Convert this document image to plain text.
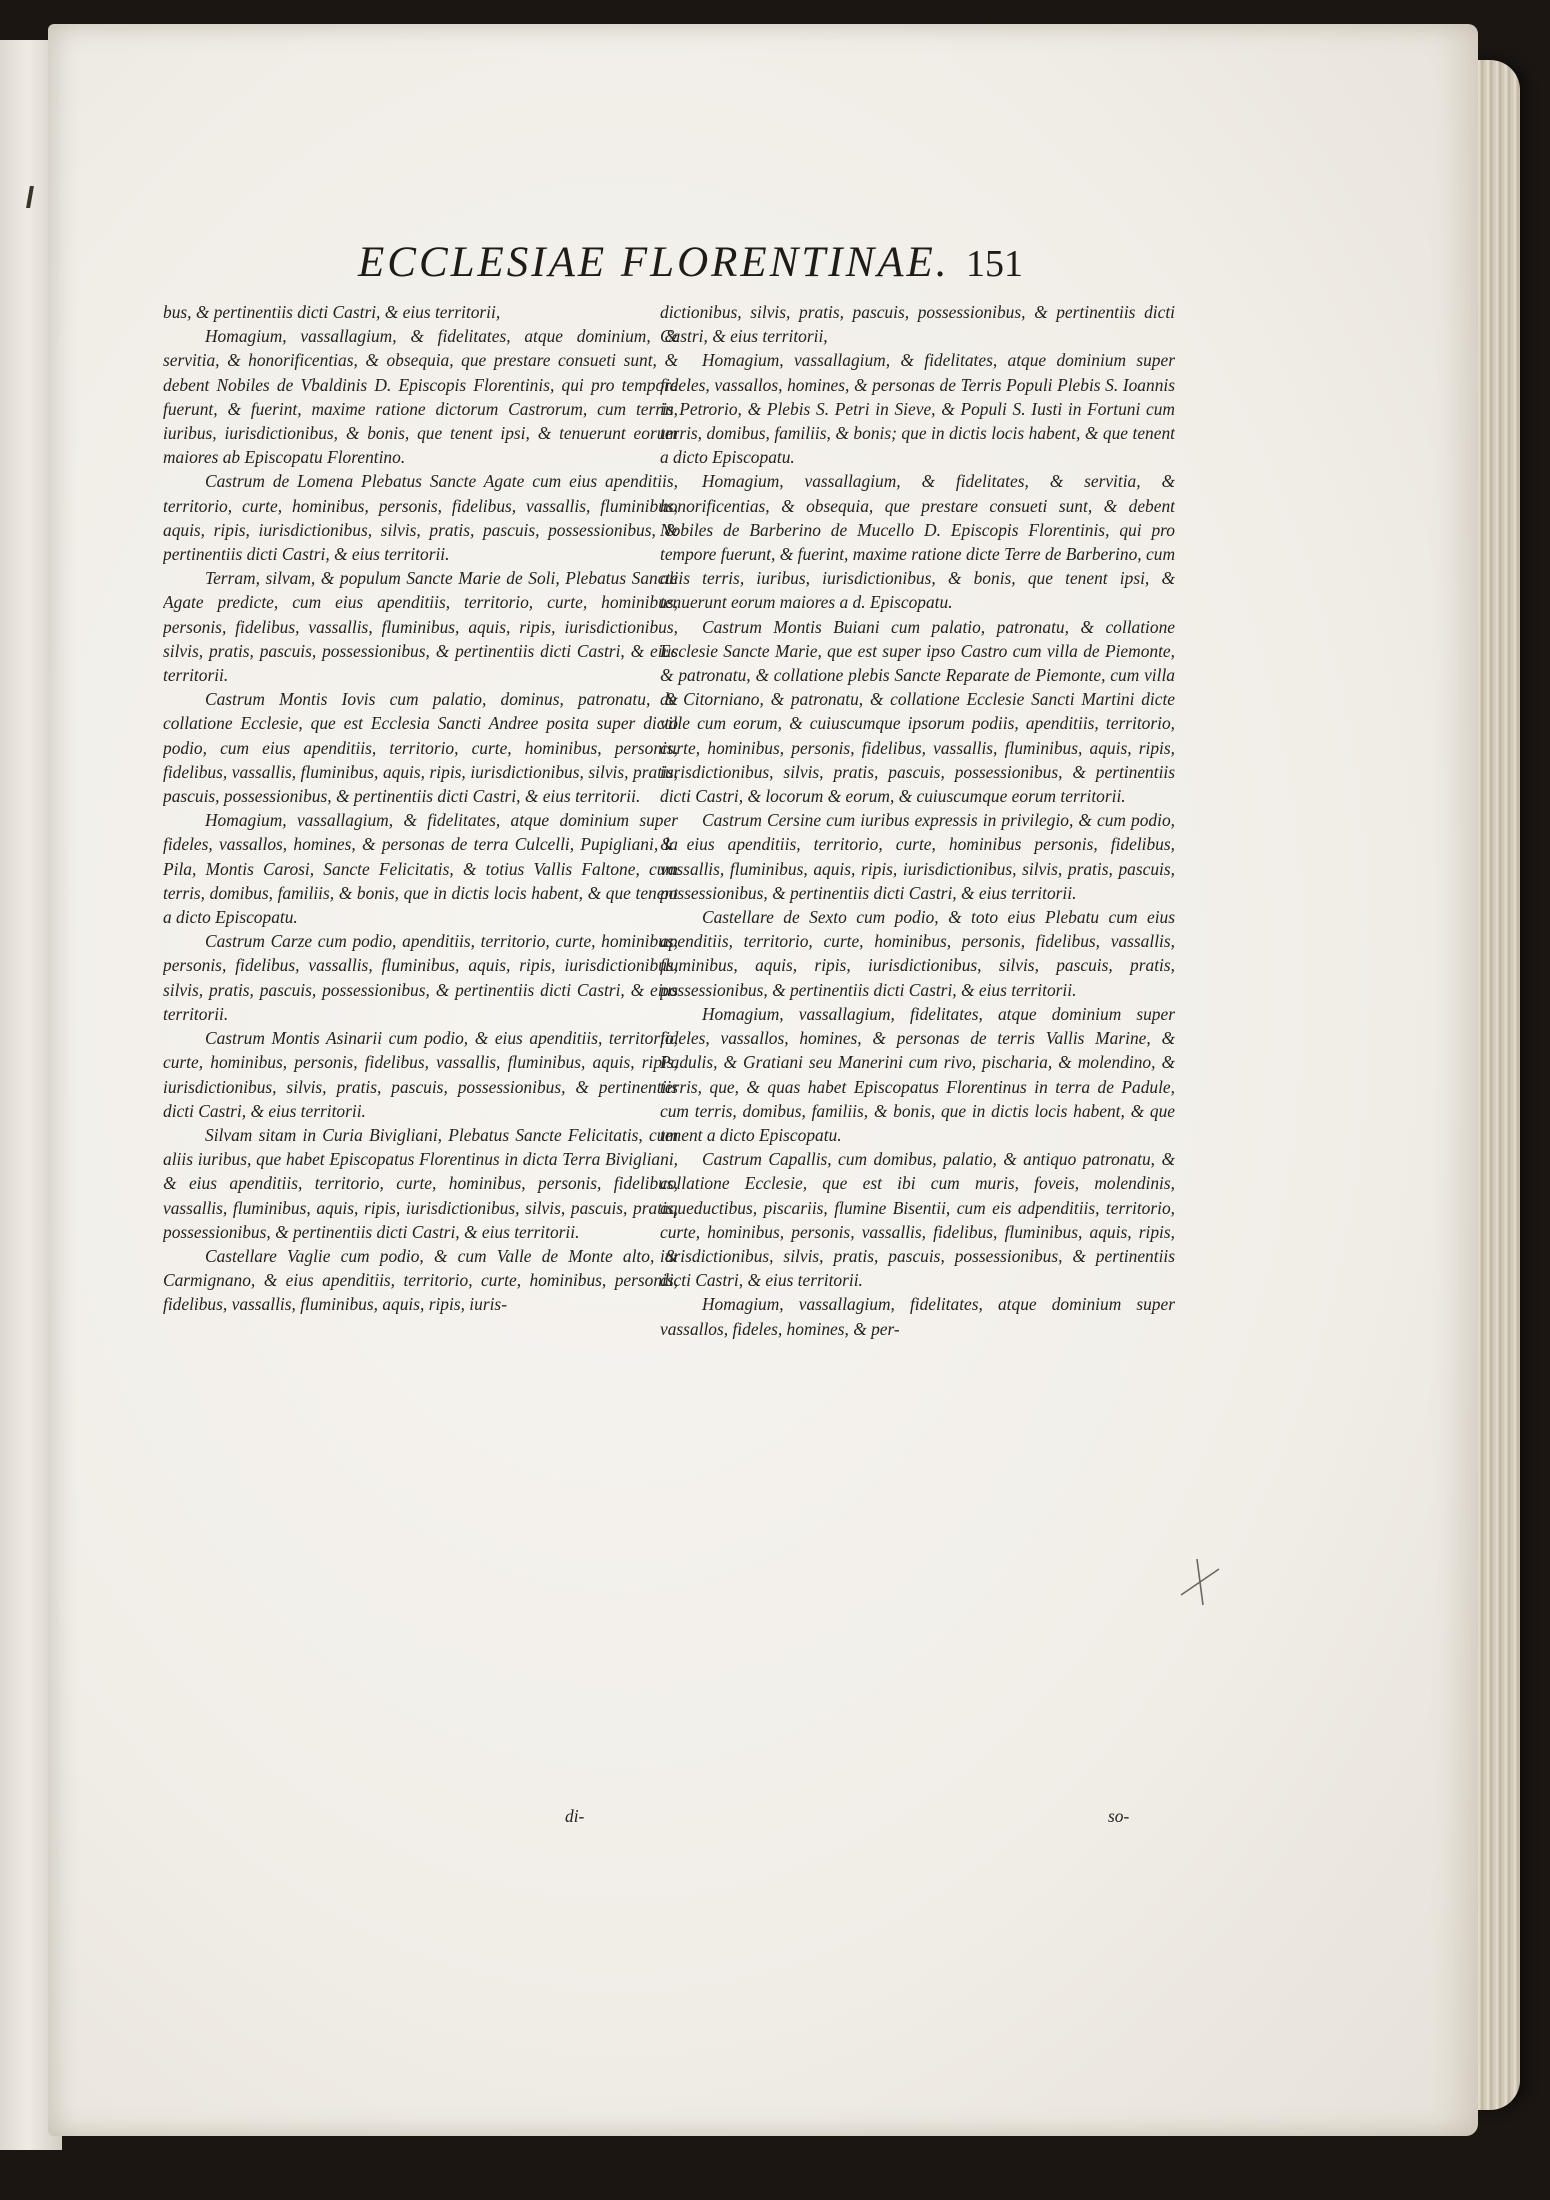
ECCLESIAE FLORENTINAE. 151

bus, & pertinentiis dicti Castri, & eius territorii,

Homagium, vassallagium, & fidelitates, atque dominium, & servitia, & honorificentias, & obsequia, que prestare consueti sunt, & debent Nobiles de Vbaldinis D. Episcopis Florentinis, qui pro tempore fuerunt, & fuerint, maxime ratione dictorum Castrorum, cum terris, iuribus, iurisdictionibus, & bonis, que tenent ipsi, & tenuerunt eorum maiores ab Episcopatu Florentino.

Castrum de Lomena Plebatus Sancte Agate cum eius apenditiis, territorio, curte, hominibus, personis, fidelibus, vassallis, fluminibus, aquis, ripis, iurisdictionibus, silvis, pratis, pascuis, possessionibus, & pertinentiis dicti Castri, & eius territorii.

Terram, silvam, & populum Sancte Marie de Soli, Plebatus Sancte Agate predicte, cum eius apenditiis, territorio, curte, hominibus, personis, fidelibus, vassallis, fluminibus, aquis, ripis, iurisdictionibus, silvis, pratis, pascuis, possessionibus, & pertinentiis dicti Castri, & eius territorii.

Castrum Montis Iovis cum palatio, dominus, patronatu, & collatione Ecclesie, que est Ecclesia Sancti Andree posita super dicto podio, cum eius apenditiis, territorio, curte, hominibus, personis, fidelibus, vassallis, fluminibus, aquis, ripis, iurisdictionibus, silvis, pratis, pascuis, possessionibus, & pertinentiis dicti Castri, & eius territorii.

Homagium, vassallagium, & fidelitates, atque dominium super fideles, vassallos, homines, & personas de terra Culcelli, Pupigliani, la Pila, Montis Carosi, Sancte Felicitatis, & totius Vallis Faltone, cum terris, domibus, familiis, & bonis, que in dictis locis habent, & que tenent a dicto Episcopatu.

Castrum Carze cum podio, apenditiis, territorio, curte, hominibus, personis, fidelibus, vassallis, fluminibus, aquis, ripis, iurisdictionibus, silvis, pratis, pascuis, possessionibus, & pertinentiis dicti Castri, & eius territorii.

Castrum Montis Asinarii cum podio, & eius apenditiis, territorio, curte, hominibus, personis, fidelibus, vassallis, fluminibus, aquis, ripis, iurisdictionibus, silvis, pratis, pascuis, possessionibus, & pertinentiis dicti Castri, & eius territorii.

Silvam sitam in Curia Bivigliani, Plebatus Sancte Felicitatis, cum aliis iuribus, que habet Episcopatus Florentinus in dicta Terra Bivigliani, & eius apenditiis, territorio, curte, hominibus, personis, fidelibus, vassallis, fluminibus, aquis, ripis, iurisdictionibus, silvis, pascuis, pratis, possessionibus, & pertinentiis dicti Castri, & eius territorii.

Castellare Vaglie cum podio, & cum Valle de Monte alto, & Carmignano, & eius apenditiis, territorio, curte, hominibus, personis, fidelibus, vassallis, fluminibus, aquis, ripis, iuris-

di-

dictionibus, silvis, pratis, pascuis, possessionibus, & pertinentiis dicti Castri, & eius territorii,

Homagium, vassallagium, & fidelitates, atque dominium super fideles, vassallos, homines, & personas de Terris Populi Plebis S. Ioannis in Petrorio, & Plebis S. Petri in Sieve, & Populi S. Iusti in Fortuni cum terris, domibus, familiis, & bonis; que in dictis locis habent, & que tenent a dicto Episcopatu.

Homagium, vassallagium, & fidelitates, & servitia, & honorificentias, & obsequia, que prestare consueti sunt, & debent Nobiles de Barberino de Mucello D. Episcopis Florentinis, qui pro tempore fuerunt, & fuerint, maxime ratione dicte Terre de Barberino, cum aliis terris, iuribus, iurisdictionibus, & bonis, que tenent ipsi, & tenuerunt eorum maiores a d. Episcopatu.

Castrum Montis Buiani cum palatio, patronatu, & collatione Ecclesie Sancte Marie, que est super ipso Castro cum villa de Piemonte, & patronatu, & collatione plebis Sancte Reparate de Piemonte, cum villa de Citorniano, & patronatu, & collatione Ecclesie Sancti Martini dicte ville cum eorum, & cuiuscumque ipsorum podiis, apenditiis, territorio, curte, hominibus, personis, fidelibus, vassallis, fluminibus, aquis, ripis, iurisdictionibus, silvis, pratis, pascuis, possessionibus, & pertinentiis dicti Castri, & locorum & eorum, & cuiuscumque eorum territorii.

Castrum Cersine cum iuribus expressis in privilegio, & cum podio, & eius apenditiis, territorio, curte, hominibus personis, fidelibus, vassallis, fluminibus, aquis, ripis, iurisdictionibus, silvis, pratis, pascuis, possessionibus, & pertinentiis dicti Castri, & eius territorii.

Castellare de Sexto cum podio, & toto eius Plebatu cum eius apenditiis, territorio, curte, hominibus, personis, fidelibus, vassallis, fluminibus, aquis, ripis, iurisdictionibus, silvis, pascuis, pratis, possessionibus, & pertinentiis dicti Castri, & eius territorii.

Homagium, vassallagium, fidelitates, atque dominium super fideles, vassallos, homines, & personas de terris Vallis Marine, & Padulis, & Gratiani seu Manerini cum rivo, pischaria, & molendino, & terris, que, & quas habet Episcopatus Florentinus in terra de Padule, cum terris, domibus, familiis, & bonis, que in dictis locis habent, & que tenent a dicto Episcopatu.

Castrum Capallis, cum domibus, palatio, & antiquo patronatu, & collatione Ecclesie, que est ibi cum muris, foveis, molendinis, aqueductibus, piscariis, flumine Bisentii, cum eis adpenditiis, territorio, curte, hominibus, personis, vassallis, fidelibus, fluminibus, aquis, ripis, iurisdictionibus, silvis, pratis, pascuis, possessionibus, & pertinentiis dicti Castri, & eius territorii.

Homagium, vassallagium, fidelitates, atque dominium super vassallos, fideles, homines, & per-

so-
